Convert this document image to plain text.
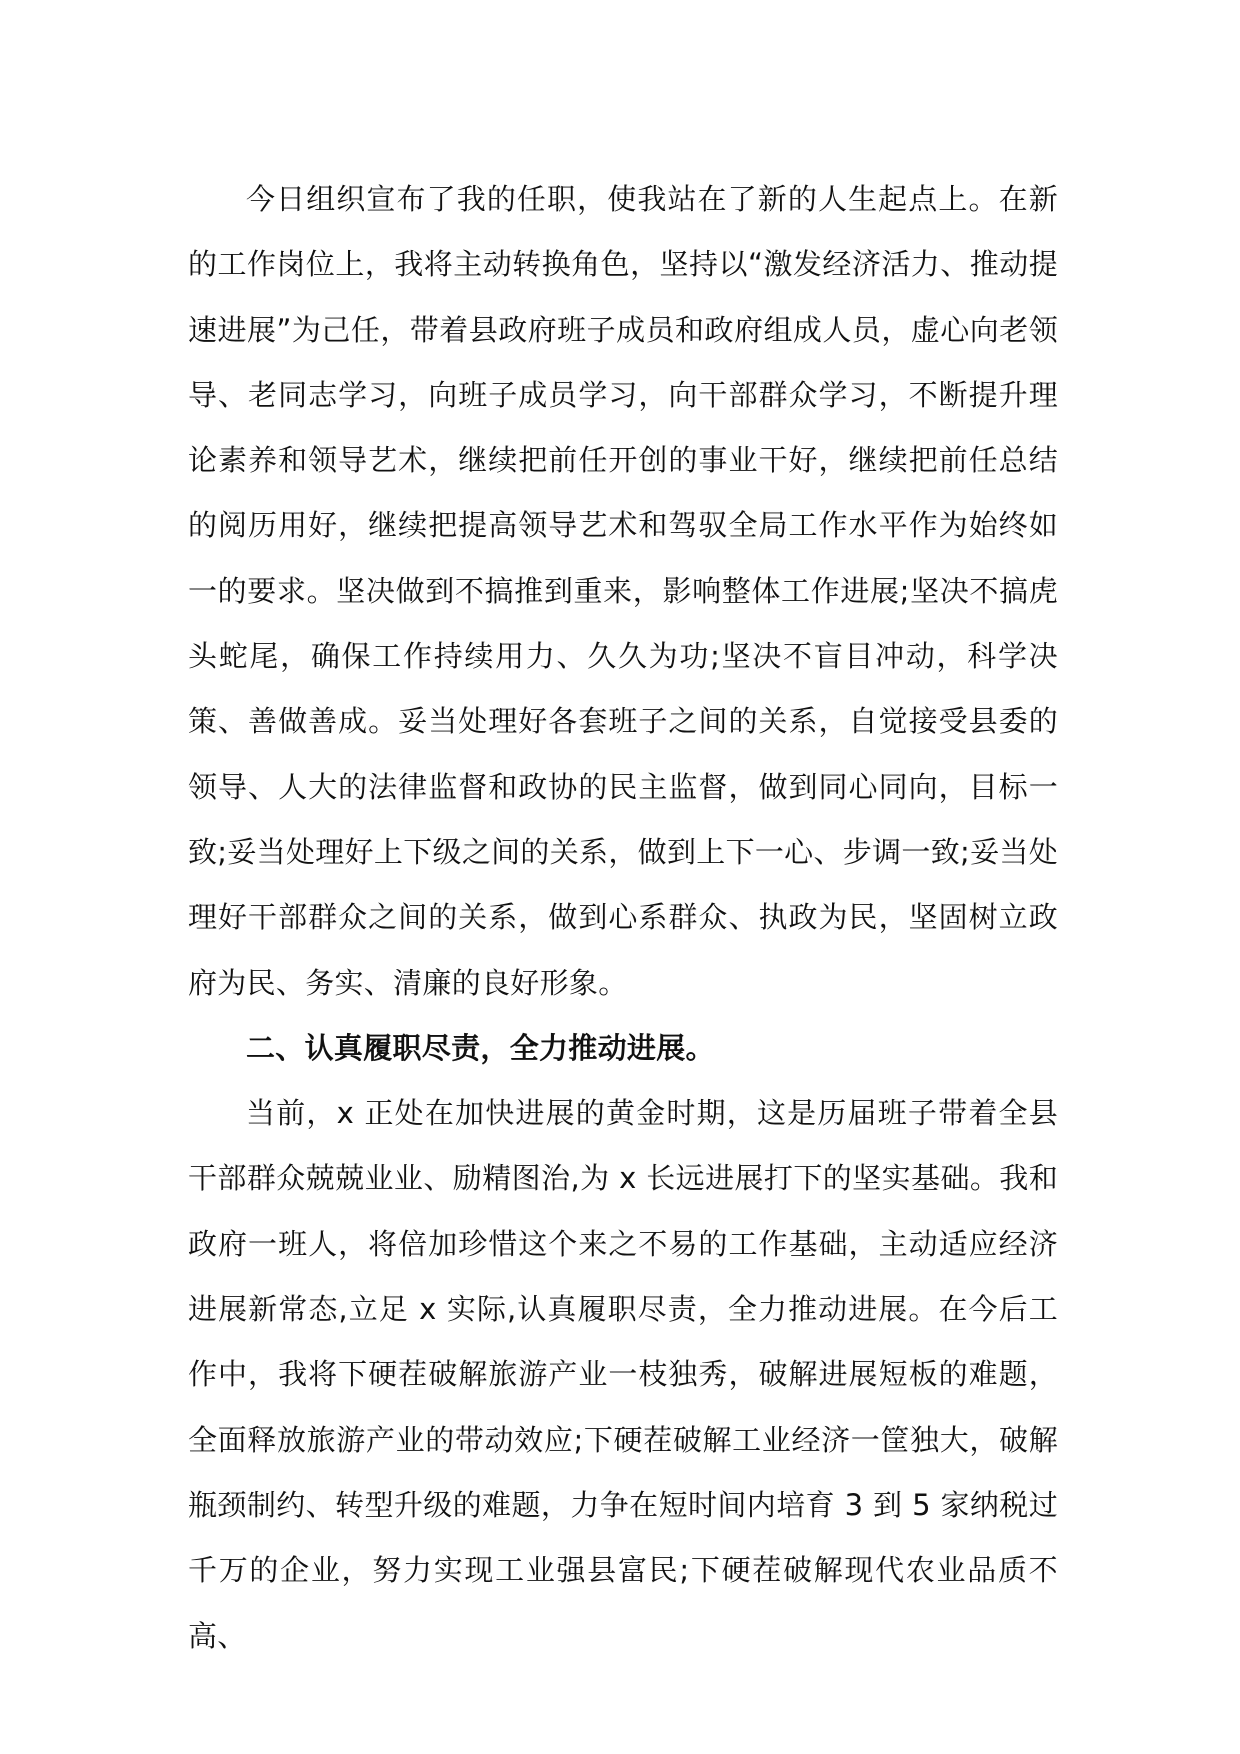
今日组织宣布了我的任职，使我站在了新的人生起点上。在新的工作岗位上，我将主动转换角色，坚持以“激发经济活力、推动提速进展”为己任，带着县政府班子成员和政府组成人员，虚心向老领导、老同志学习，向班子成员学习，向干部群众学习，不断提升理论素养和领导艺术，继续把前任开创的事业干好，继续把前任总结的阅历用好，继续把提高领导艺术和驾驭全局工作水平作为始终如一的要求。坚决做到不搞推到重来，影响整体工作进展;坚决不搞虎头蛇尾，确保工作持续用力、久久为功;坚决不盲目冲动，科学决策、善做善成。妥当处理好各套班子之间的关系，自觉接受县委的领导、人大的法律监督和政协的民主监督，做到同心同向，目标一致;妥当处理好上下级之间的关系，做到上下一心、步调一致;妥当处理好干部群众之间的关系，做到心系群众、执政为民，坚固树立政府为民、务实、清廉的良好形象。

二、认真履职尽责，全力推动进展。

当前，x 正处在加快进展的黄金时期，这是历届班子带着全县干部群众兢兢业业、励精图治,为 x 长远进展打下的坚实基础。我和政府一班人，将倍加珍惜这个来之不易的工作基础，主动适应经济进展新常态,立足 x 实际,认真履职尽责，全力推动进展。在今后工作中，我将下硬茬破解旅游产业一枝独秀，破解进展短板的难题，全面释放旅游产业的带动效应;下硬茬破解工业经济一筐独大，破解瓶颈制约、转型升级的难题，力争在短时间内培育 3 到 5 家纳税过千万的企业，努力实现工业强县富民;下硬茬破解现代农业品质不高、
